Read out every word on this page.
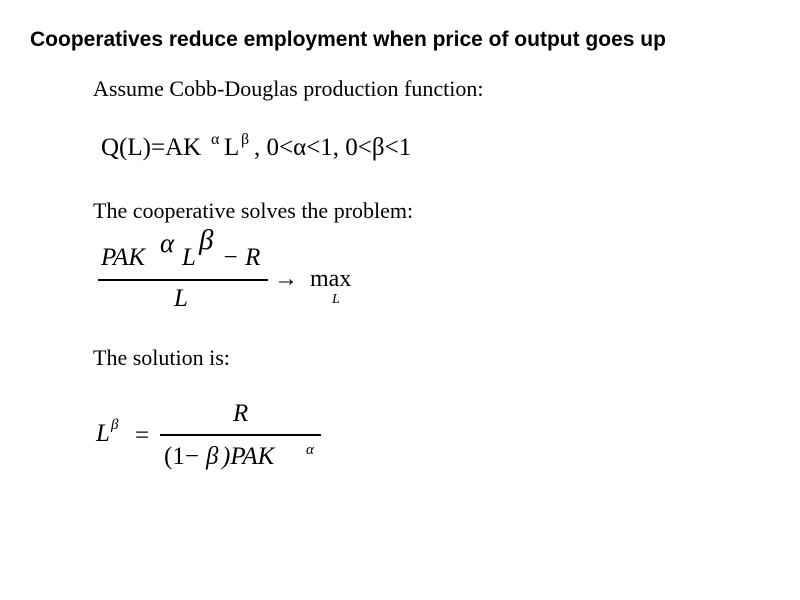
Cooperatives reduce employment when price of output goes up
Assume Cobb-Douglas production function:
Q(L)=AK α L β , 0<α<1, 0<β<1
The cooperative solves the problem:
PAK α L
β
− R
L
→ max
L
The solution is:
L β =
R
(1− β )PAK α
